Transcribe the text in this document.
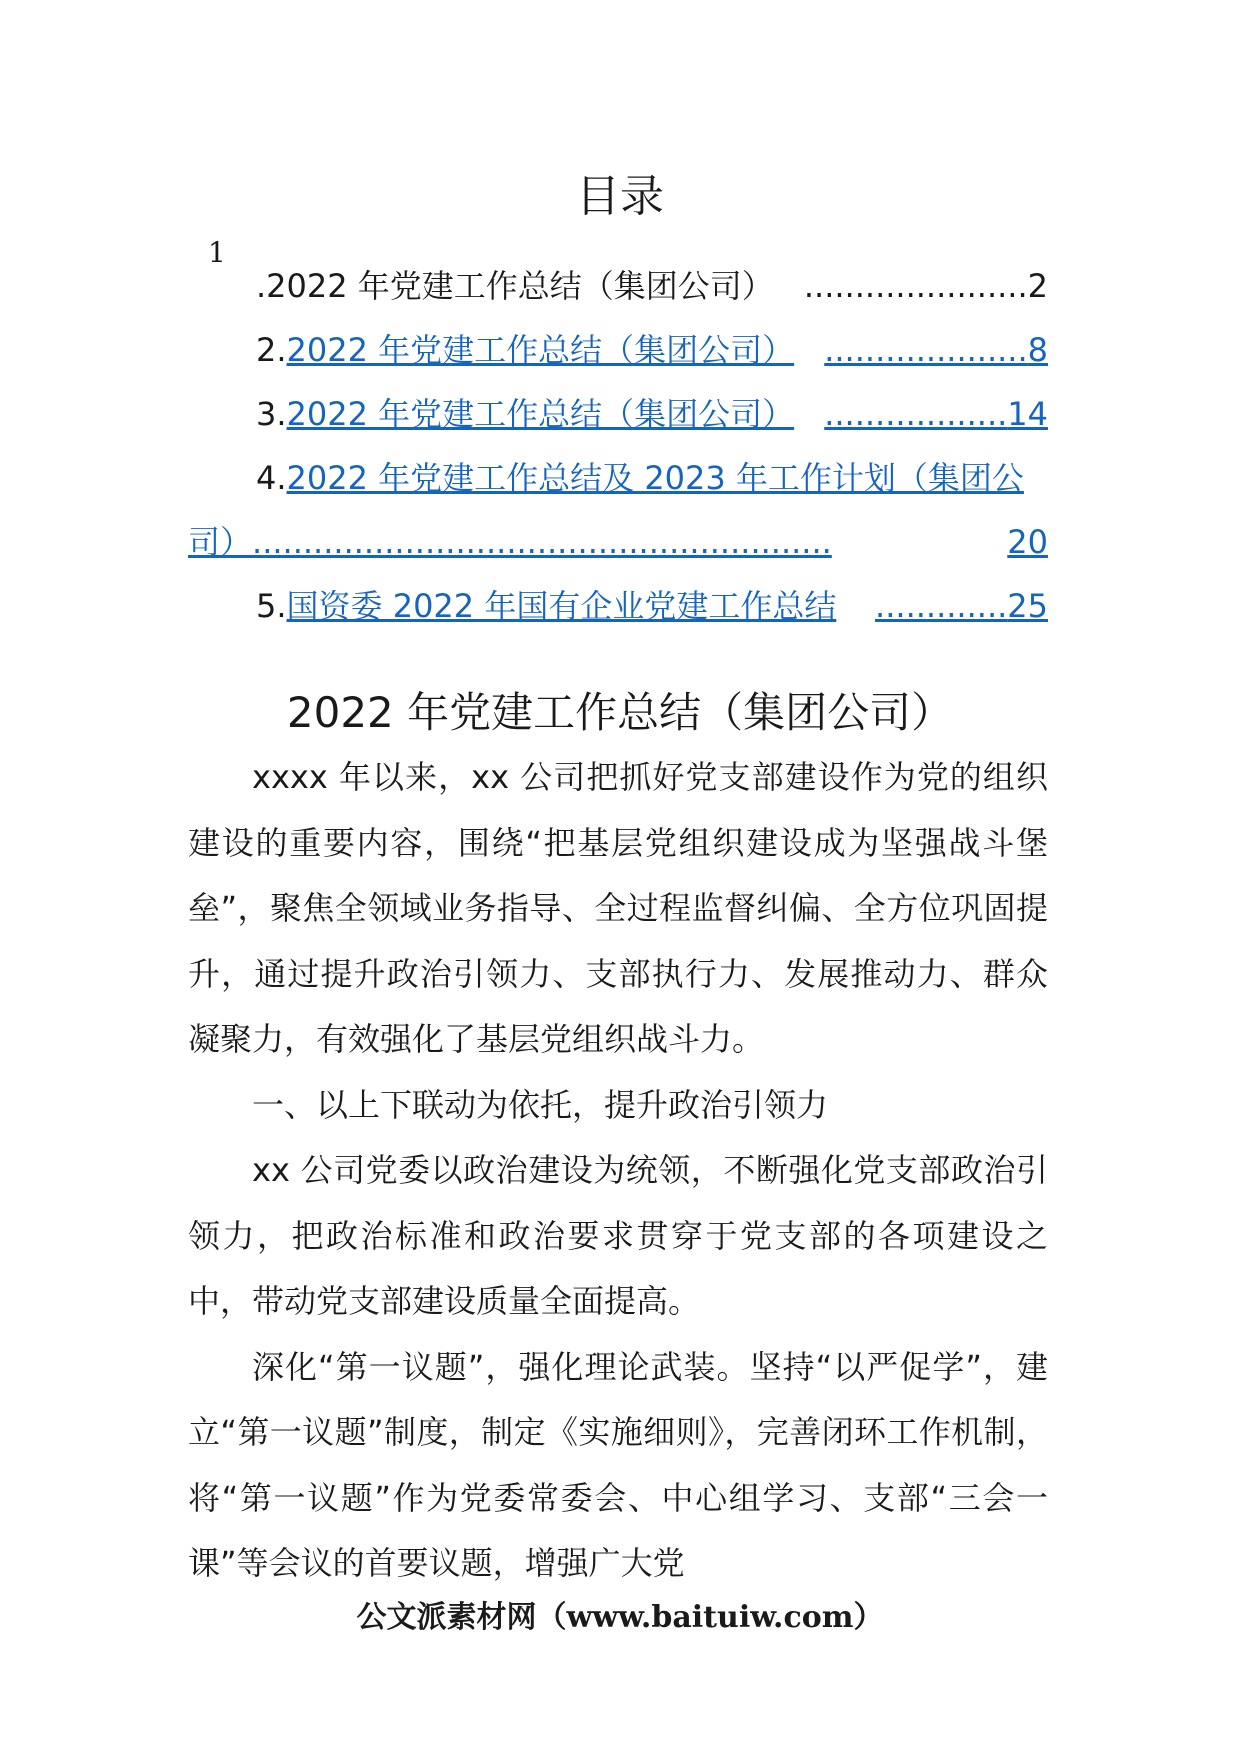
目录
1
.2022 年党建工作总结（集团公司） ......................2
2.2022 年党建工作总结（集团公司） ....................8
3.2022 年党建工作总结（集团公司） ..................14
4.2022 年党建工作总结及 2023 年工作计划（集团公
司）.........................................................	20
5.国资委 2022 年国有企业党建工作总结 .............25
2022 年党建工作总结（集团公司）

xxxx 年以来，xx 公司把抓好党支部建设作为党的组织建设的重要内容，围绕“把基层党组织建设成为坚强战斗堡垒”，聚焦全领域业务指导、全过程监督纠偏、全方位巩固提升，通过提升政治引领力、支部执行力、发展推动力、群众凝聚力，有效强化了基层党组织战斗力。

一、以上下联动为依托，提升政治引领力

xx 公司党委以政治建设为统领，不断强化党支部政治引领力，把政治标准和政治要求贯穿于党支部的各项建设之中，带动党支部建设质量全面提高。

深化“第一议题”，强化理论武装。坚持“以严促学”，建立“第一议题”制度，制定《实施细则》，完善闭环工作机制，将“第一议题”作为党委常委会、中心组学习、支部“三会一课”等会议的首要议题，增强广大党

公文派素材网（www.baituiw.com）
